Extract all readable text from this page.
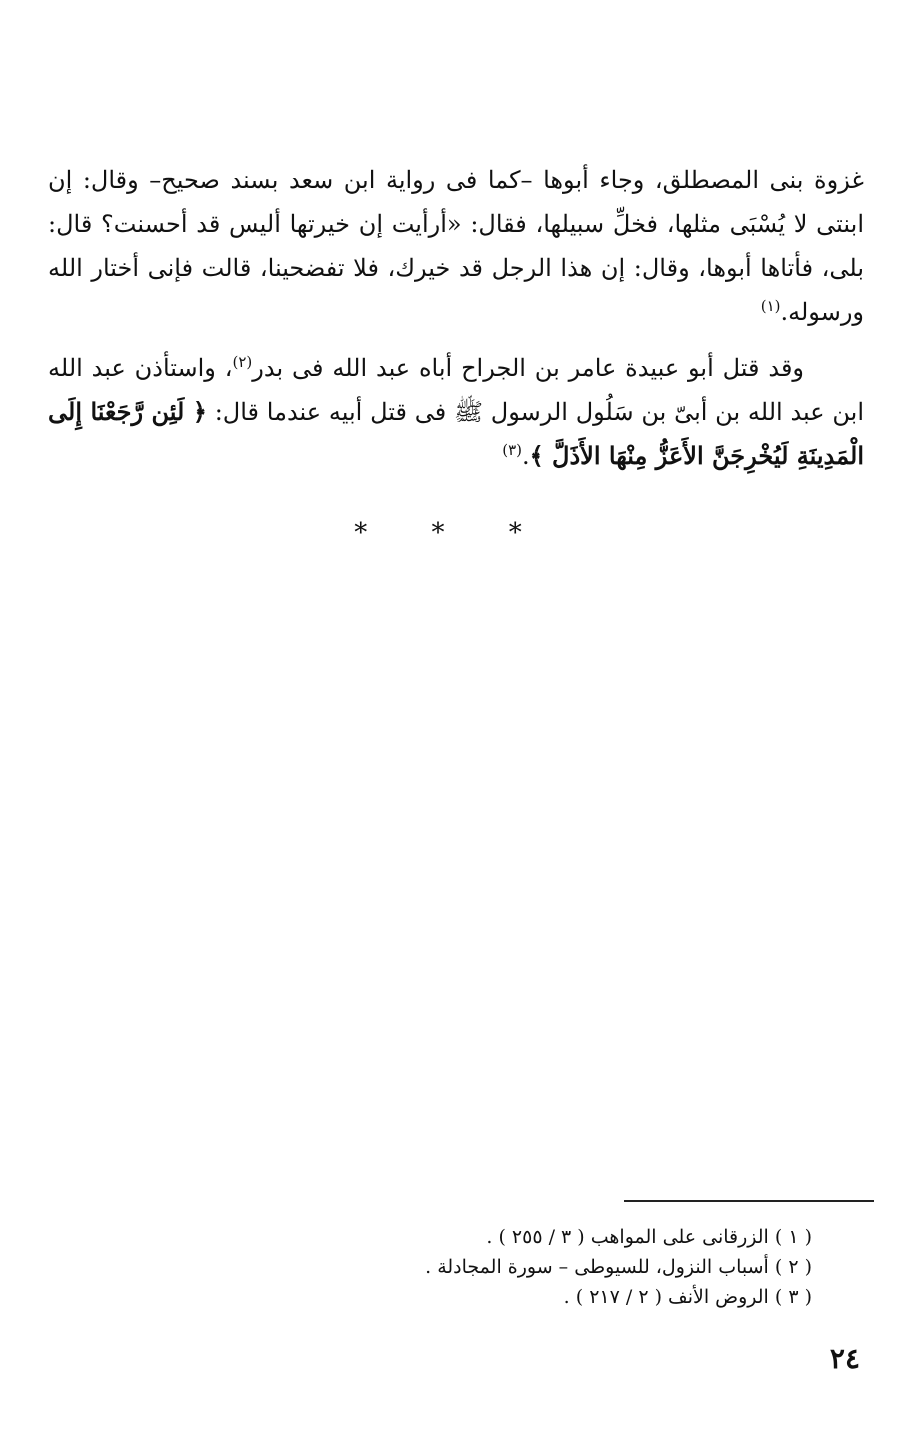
غزوة بنى المصطلق، وجاء أبوها –كما فى رواية ابن سعد بسند صحيح– وقال: إن ابنتى لا يُسْبَى مثلها، فخلِّ سبيلها، فقال: «أرأيت إن خيرتها أليس قد أحسنت؟ قال: بلى، فأتاها أبوها، وقال: إن هذا الرجل قد خيرك، فلا تفضحينا، قالت فإنى أختار الله ورسوله.$^{(١)}$

وقد قتل أبو عبيدة عامر بن الجراح أباه عبد الله فى بدر$^{(٢)}$، واستأذن عبد الله ابن عبد الله بن أبىّ بن سَلُول الرسول ﷺ فى قتل أبيه عندما قال: ﴿ لَئِن رَّجَعْنَا إِلَى الْمَدِينَةِ لَيُخْرِجَنَّ الأَعَزُّ مِنْهَا الأَذَلَّ ﴾.$^{(٣)}$

* * *

( ١ ) الزرقانى على المواهب ( ٣ / ٢٥٥ ) .

( ٢ ) أسباب النزول، للسيوطى – سورة المجادلة .

( ٣ ) الروض الأنف ( ٢ / ٢١٧ ) .

٢٤
